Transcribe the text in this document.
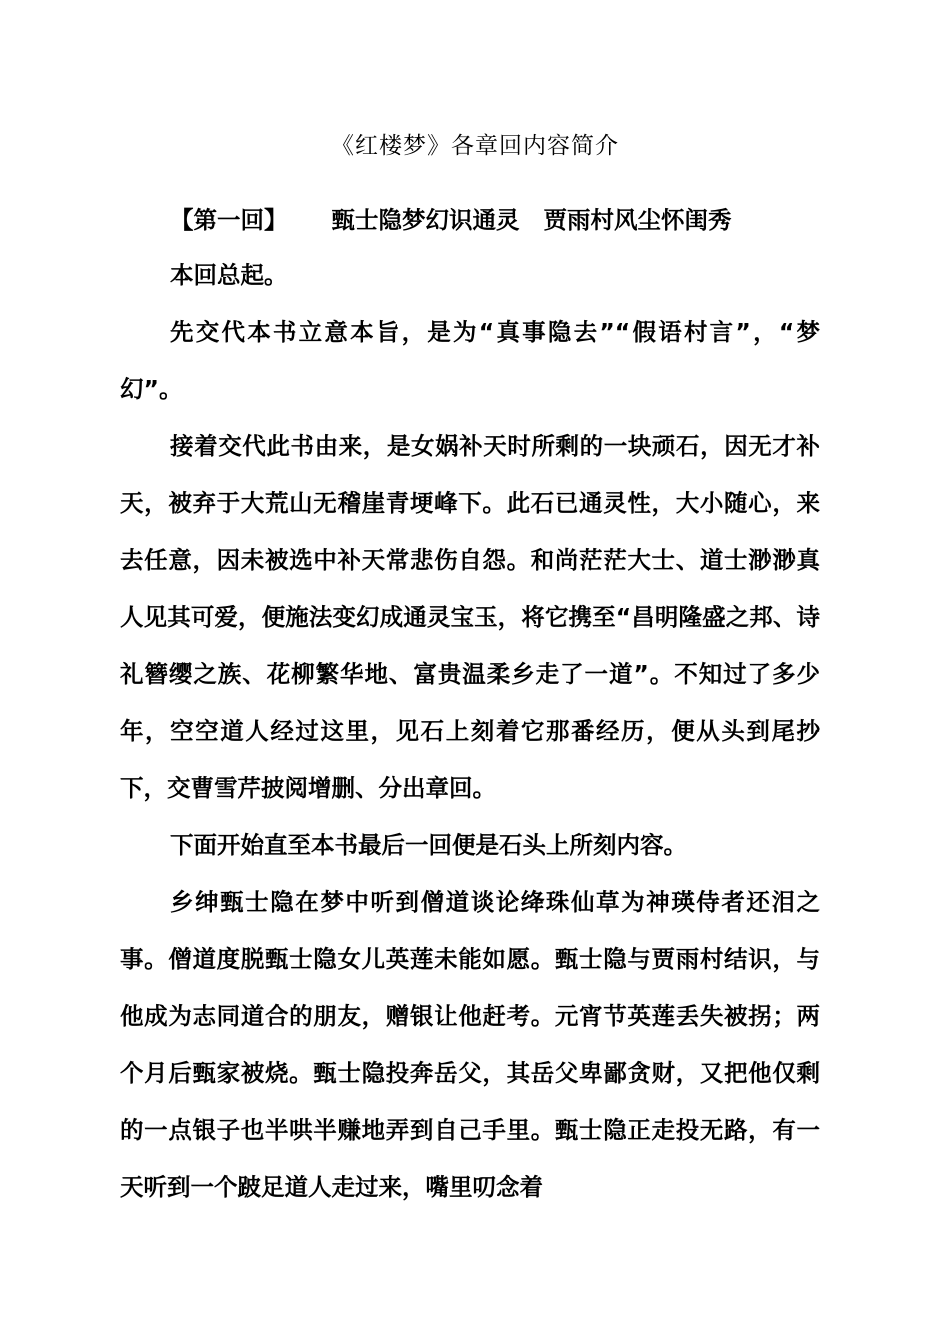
《红楼梦》各章回内容简介
【第一回】 甄士隐梦幻识通灵 贾雨村风尘怀闺秀

本回总起。

先交代本书立意本旨，是为“真事隐去”“假语村言”，“梦幻”。

接着交代此书由来，是女娲补天时所剩的一块顽石，因无才补天，被弃于大荒山无稽崖青埂峰下。此石已通灵性，大小随心，来去任意，因未被选中补天常悲伤自怨。和尚茫茫大士、道士渺渺真人见其可爱，便施法变幻成通灵宝玉，将它携至“昌明隆盛之邦、诗礼簪缨之族、花柳繁华地、富贵温柔乡走了一道”。不知过了多少年，空空道人经过这里，见石上刻着它那番经历，便从头到尾抄下，交曹雪芹披阅增删、分出章回。

下面开始直至本书最后一回便是石头上所刻内容。

乡绅甄士隐在梦中听到僧道谈论绛珠仙草为神瑛侍者还泪之事。僧道度脱甄士隐女儿英莲未能如愿。甄士隐与贾雨村结识，与他成为志同道合的朋友，赠银让他赶考。元宵节英莲丢失被拐；两个月后甄家被烧。甄士隐投奔岳父，其岳父卑鄙贪财，又把他仅剩的一点银子也半哄半赚地弄到自己手里。甄士隐正走投无路，有一天听到一个跛足道人走过来，嘴里叨念着
